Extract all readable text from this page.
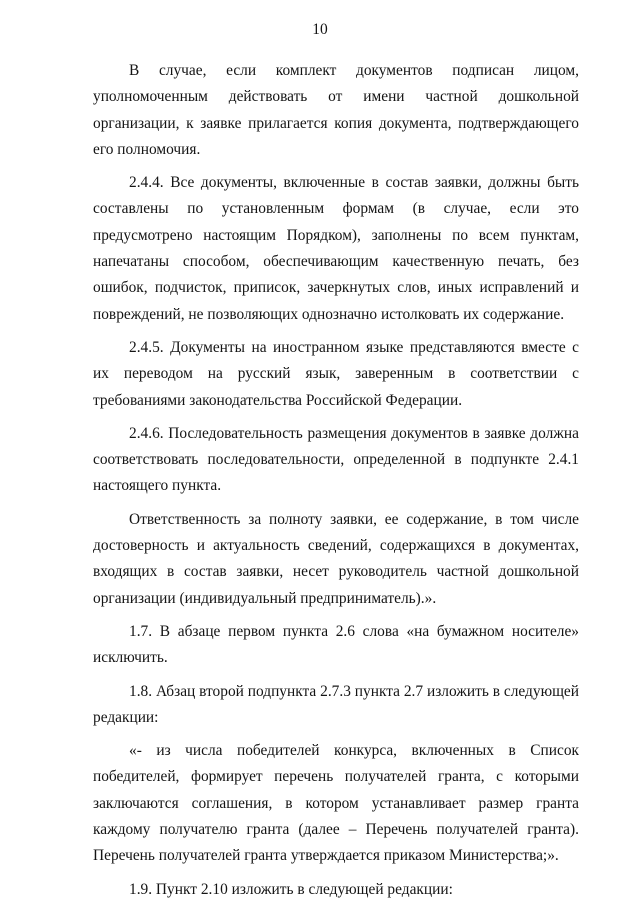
10

В случае, если комплект документов подписан лицом, уполномоченным действовать от имени частной дошкольной организации, к заявке прилагается копия документа, подтверждающего его полномочия.

2.4.4. Все документы, включенные в состав заявки, должны быть составлены по установленным формам (в случае, если это предусмотрено настоящим Порядком), заполнены по всем пунктам, напечатаны способом, обеспечивающим качественную печать, без ошибок, подчисток, приписок, зачеркнутых слов, иных исправлений и повреждений, не позволяющих однозначно истолковать их содержание.

2.4.5. Документы на иностранном языке представляются вместе с их переводом на русский язык, заверенным в соответствии с требованиями законодательства Российской Федерации.

2.4.6. Последовательность размещения документов в заявке должна соответствовать последовательности, определенной в подпункте 2.4.1 настоящего пункта.

Ответственность за полноту заявки, ее содержание, в том числе достоверность и актуальность сведений, содержащихся в документах, входящих в состав заявки, несет руководитель частной дошкольной организации (индивидуальный предприниматель).».

1.7. В абзаце первом пункта 2.6 слова «на бумажном носителе» исключить.

1.8. Абзац второй подпункта 2.7.3 пункта 2.7 изложить в следующей редакции:

«- из числа победителей конкурса, включенных в Список победителей, формирует перечень получателей гранта, с которыми заключаются соглашения, в котором устанавливает размер гранта каждому получателю гранта (далее – Перечень получателей гранта). Перечень получателей гранта утверждается приказом Министерства;».

1.9. Пункт 2.10 изложить в следующей редакции:
